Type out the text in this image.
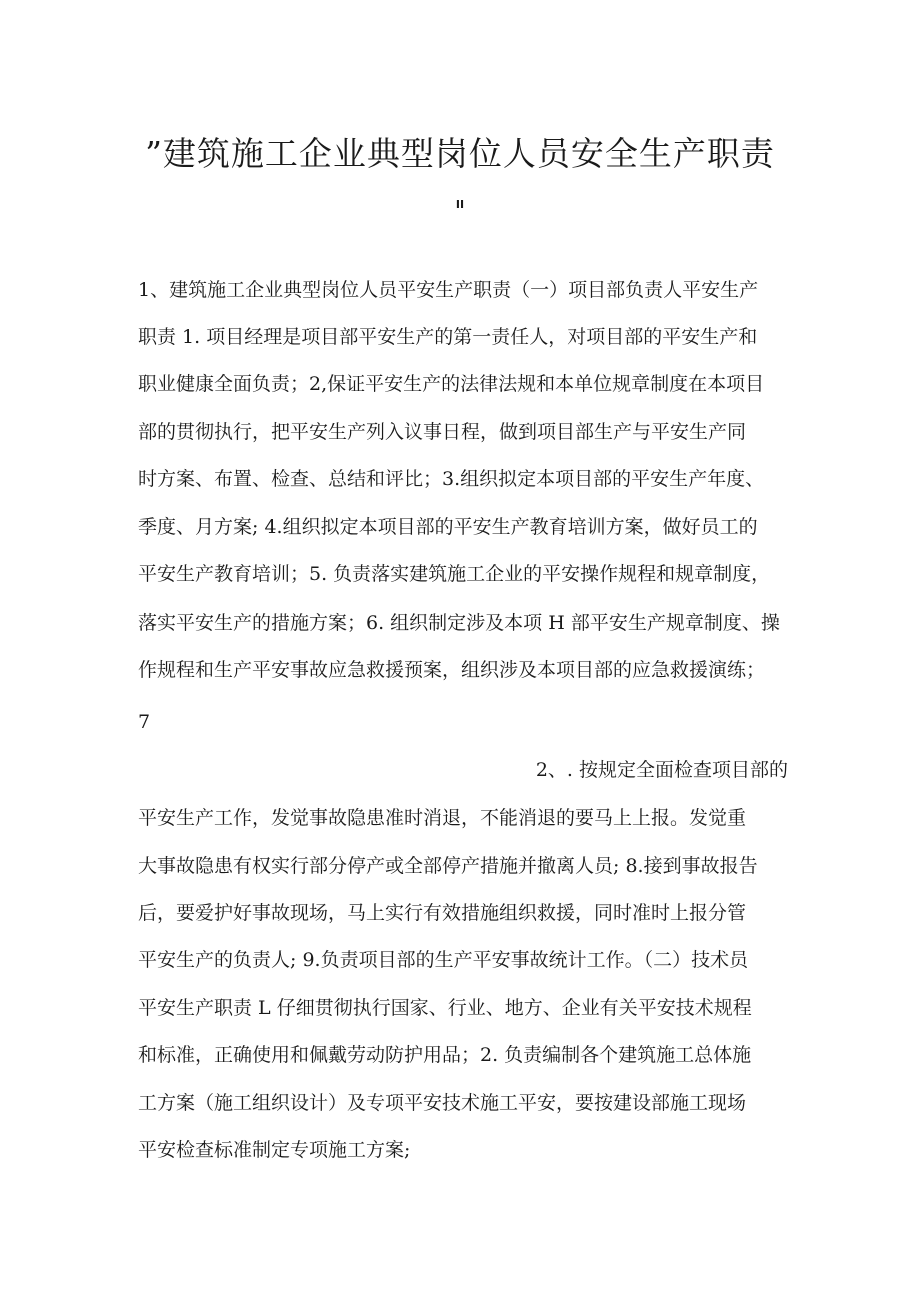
”建筑施工企业典型岗位人员安全生产职责
II
1、建筑施工企业典型岗位人员平安生产职责（一）项目部负责人平安生产
职责 1. 项目经理是项目部平安生产的第一责任人，对项目部的平安生产和
职业健康全面负责；2,保证平安生产的法律法规和本单位规章制度在本项目
部的贯彻执行，把平安生产列入议事日程，做到项目部生产与平安生产同
时方案、布置、检查、总结和评比；3.组织拟定本项目部的平安生产年度、
季度、月方案; 4.组织拟定本项目部的平安生产教育培训方案，做好员工的
平安生产教育培训；5. 负责落实建筑施工企业的平安操作规程和规章制度，
落实平安生产的措施方案；6. 组织制定涉及本项 H 部平安生产规章制度、操
作规程和生产平安事故应急救援预案，组织涉及本项目部的应急救援演练；
7
2、. 按规定全面检查项目部的
平安生产工作，发觉事故隐患准时消退，不能消退的要马上上报。发觉重
大事故隐患有权实行部分停产或全部停产措施并撤离人员; 8.接到事故报告
后，要爱护好事故现场，马上实行有效措施组织救援，同时准时上报分管
平安生产的负责人; 9.负责项目部的生产平安事故统计工作。（二）技术员
平安生产职责 L 仔细贯彻执行国家、行业、地方、企业有关平安技术规程
和标准，正确使用和佩戴劳动防护用品；2. 负责编制各个建筑施工总体施
工方案（施工组织设计）及专项平安技术施工平安，要按建设部施工现场
平安检查标准制定专项施工方案;
